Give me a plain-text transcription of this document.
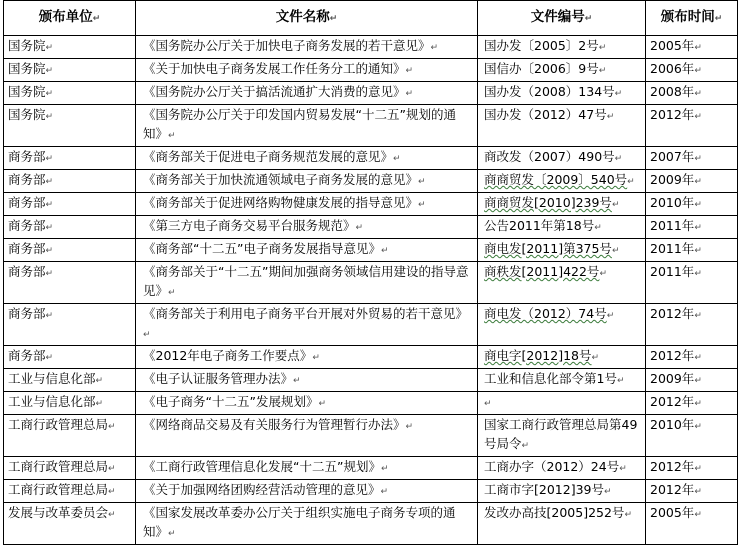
颁布单位↵	文件名称↵	文件编号↵	颁布时间↵
国务院↵	《国务院办公厅关于加快电子商务发展的若干意见》↵	国办发〔2005〕2号↵	2005年↵
国务院↵	《关于加快电子商务发展工作任务分工的通知》↵	国信办〔2006〕9号↵	2006年↵
国务院↵	《国务院办公厅关于搞活流通扩大消费的意见》↵	国办发（2008）134号↵	2008年↵
国务院↵	《国务院办公厅关于印发国内贸易发展“十二五”规划的通知》↵	国办发（2012）47号↵	2012年↵
商务部↵	《商务部关于促进电子商务规范发展的意见》↵	商改发（2007）490号↵	2007年↵
商务部↵	《商务部关于加快流通领域电子商务发展的意见》↵	商商贸发〔2009〕540号↵	2009年↵
商务部↵	《商务部关于促进网络购物健康发展的指导意见》↵	商商贸发[2010]239号↵	2010年↵
商务部↵	《第三方电子商务交易平台服务规范》↵	公告2011年第18号↵	2011年↵
商务部↵	《商务部“十二五”电子商务发展指导意见》↵	商电发[2011]第375号↵	2011年↵
商务部↵	《商务部关于“十二五”期间加强商务领域信用建设的指导意见》↵	商秩发[2011]422号↵	2011年↵
商务部↵	《商务部关于利用电子商务平台开展对外贸易的若干意见》↵	商电发（2012）74号↵	2012年↵
商务部↵	《2012年电子商务工作要点》↵	商电字[2012]18号↵	2012年↵
工业与信息化部↵	《电子认证服务管理办法》↵	工业和信息化部令第1号↵	2009年↵
工业与信息化部↵	《电子商务“十二五”发展规划》↵	↵	2012年↵
工商行政管理总局↵	《网络商品交易及有关服务行为管理暂行办法》↵	国家工商行政管理总局第49号局令↵	2010年↵
工商行政管理总局↵	《工商行政管理信息化发展“十二五”规划》↵	工商办字（2012）24号↵	2012年↵
工商行政管理总局↵	《关于加强网络团购经营活动管理的意见》↵	工商市字[2012]39号↵	2012年↵
发展与改革委员会↵	《国家发展改革委办公厅关于组织实施电子商务专项的通知》↵	发改办高技[2005]252号↵	2005年↵
